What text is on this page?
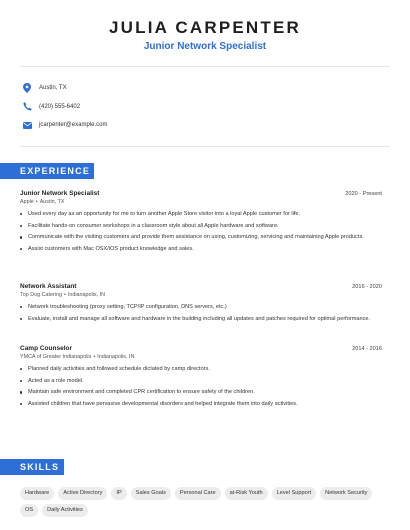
JULIA CARPENTER
Junior Network Specialist
Austin, TX
(420) 555-6402
jcarpenter@example.com
EXPERIENCE
Junior Network Specialist	2020 - Present
Apple • Austin, TX
Used every day as an opportunity for me to turn another Apple Store visitor into a loyal Apple customer for life.
Facilitate hands-on consumer workshops in a classroom style about all Apple hardware and software.
Communicate with the visiting customers and provide them assistance on using, customizing, servicing and maintaining Apple products.
Assist customers with Mac OSX/iOS product knowledge and sales.
Network Assistant	2016 - 2020
Top Dog Catering • Indianapolis, IN
Network troubleshooting (proxy setting, TCP/IP configuration, DNS servers, etc.)
Evaluate, install and manage all software and hardware in the building including all updates and patches required for optimal performance.
Camp Counselor	2014 - 2016
YMCA of Greater Indianapolis • Indianapolis, IN
Planned daily activities and followed schedule dictated by camp directors.
Acted as a role model.
Maintain safe environment and completed CPR certification to ensure safety of the children.
Assisted children that have pervasive developmental disorders and helped integrate them into daily activities.
SKILLS
Hardware	Active Directory	IP	Sales Goals	Personal Care	at-Risk Youth	Level Support	Network Security
OS	Daily Activities
